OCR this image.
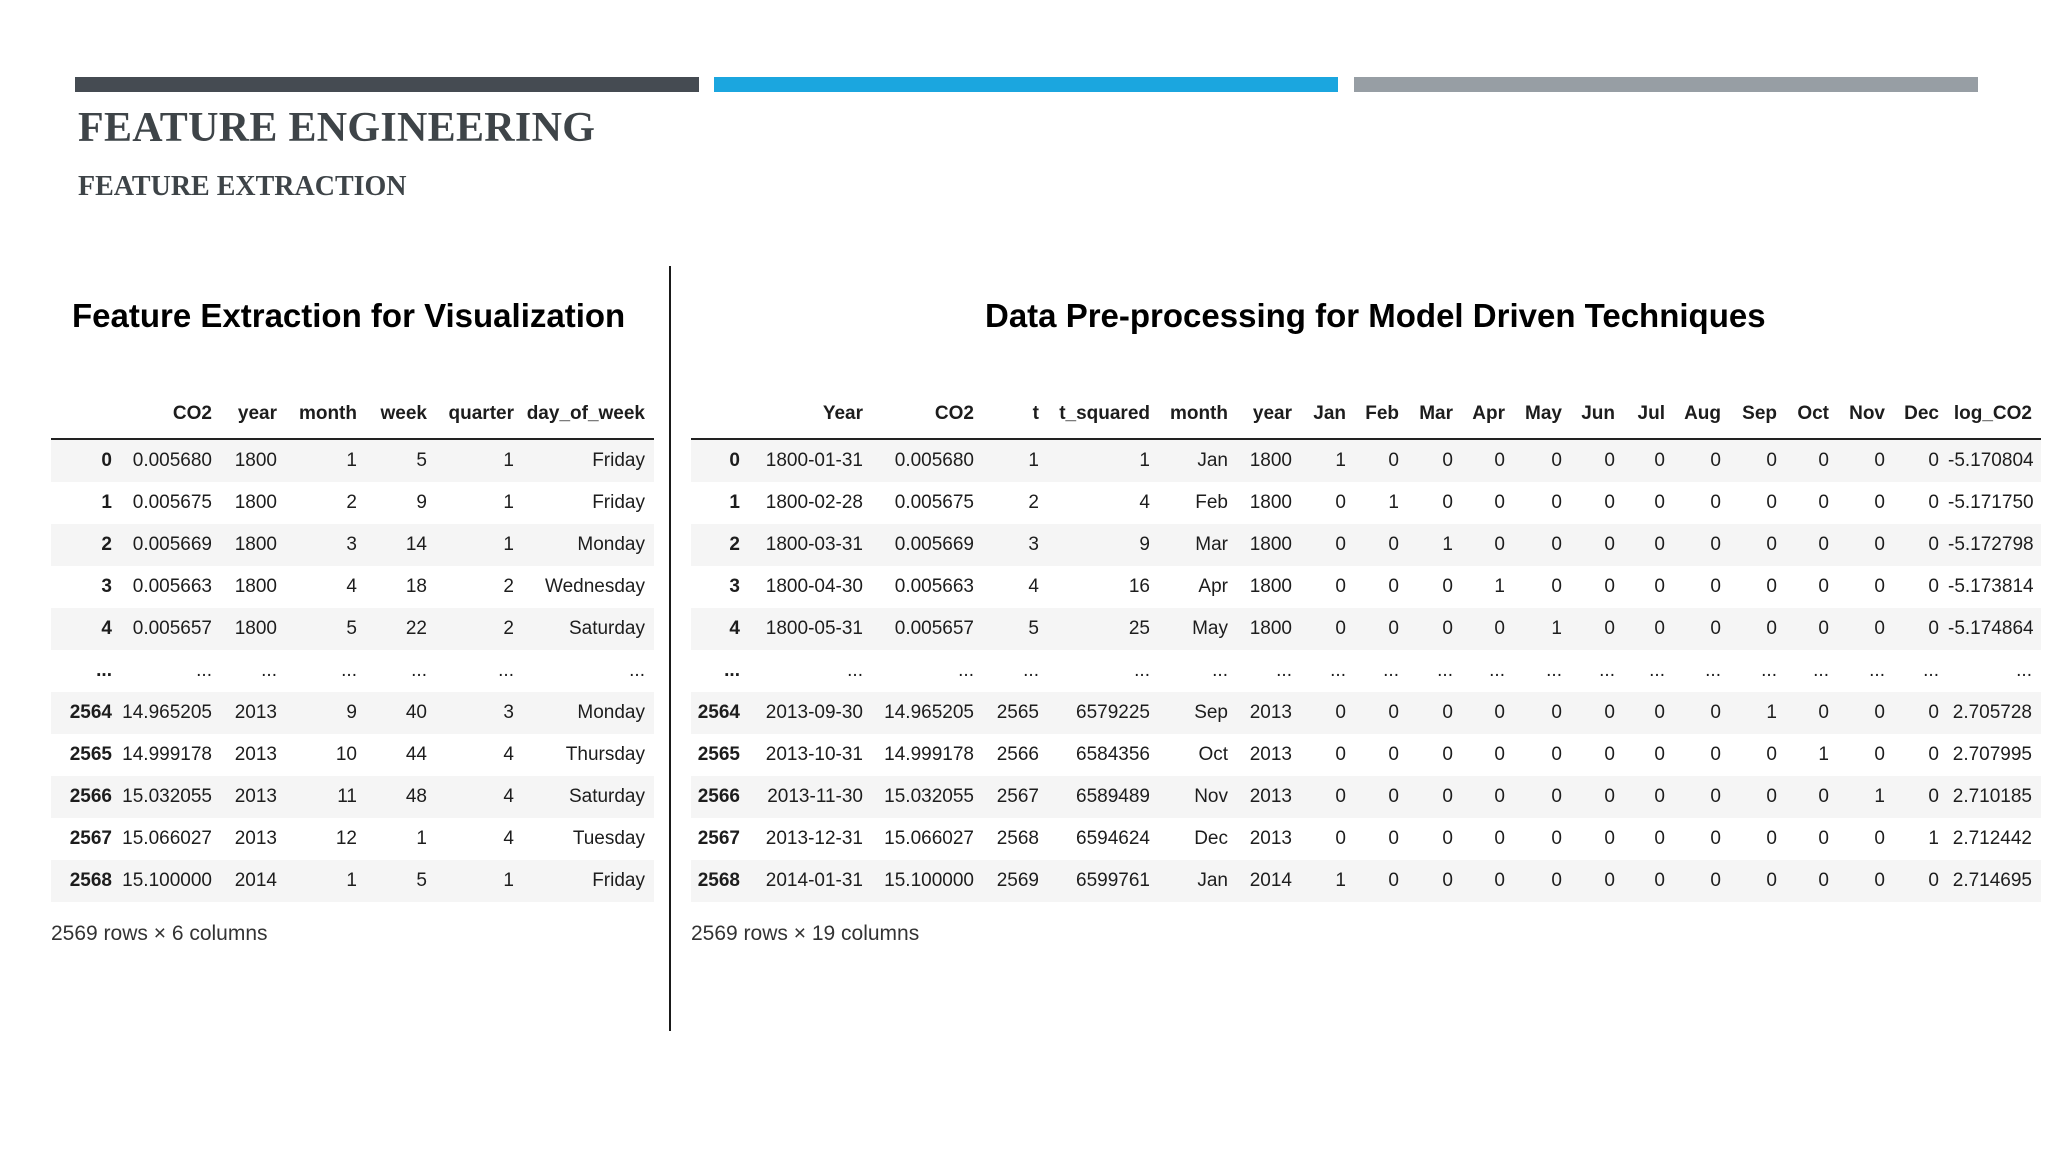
FEATURE ENGINEERING
FEATURE EXTRACTION
Feature Extraction for Visualization	Data Pre-processing for Model Driven Techniques
	CO2	year	month	week	quarter	day_of_week
0	0.005680	1800	1	5	1	Friday
1	0.005675	1800	2	9	1	Friday
2	0.005669	1800	3	14	1	Monday
3	0.005663	1800	4	18	2	Wednesday
4	0.005657	1800	5	22	2	Saturday
...	...	...	...	...	...	...
2564	14.965205	2013	9	40	3	Monday
2565	14.999178	2013	10	44	4	Thursday
2566	15.032055	2013	11	48	4	Saturday
2567	15.066027	2013	12	1	4	Tuesday
2568	15.100000	2014	1	5	1	Friday
	Year	CO2	t	t_squared	month	year	Jan	Feb	Mar	Apr	May	Jun	Jul	Aug	Sep	Oct	Nov	Dec	log_CO2
0	1800-01-31	0.005680	1	1	Jan	1800	1	0	0	0	0	0	0	0	0	0	0	0	-5.170804
1	1800-02-28	0.005675	2	4	Feb	1800	0	1	0	0	0	0	0	0	0	0	0	0	-5.171750
2	1800-03-31	0.005669	3	9	Mar	1800	0	0	1	0	0	0	0	0	0	0	0	0	-5.172798
3	1800-04-30	0.005663	4	16	Apr	1800	0	0	0	1	0	0	0	0	0	0	0	0	-5.173814
4	1800-05-31	0.005657	5	25	May	1800	0	0	0	0	1	0	0	0	0	0	0	0	-5.174864
...	...	...	...	...	...	...	...	...	...	...	...	...	...	...	...	...	...	...	...
2564	2013-09-30	14.965205	2565	6579225	Sep	2013	0	0	0	0	0	0	0	0	1	0	0	0	2.705728
2565	2013-10-31	14.999178	2566	6584356	Oct	2013	0	0	0	0	0	0	0	0	0	1	0	0	2.707995
2566	2013-11-30	15.032055	2567	6589489	Nov	2013	0	0	0	0	0	0	0	0	0	0	1	0	2.710185
2567	2013-12-31	15.066027	2568	6594624	Dec	2013	0	0	0	0	0	0	0	0	0	0	0	1	2.712442
2568	2014-01-31	15.100000	2569	6599761	Jan	2014	1	0	0	0	0	0	0	0	0	0	0	0	2.714695
2569 rows × 6 columns	2569 rows × 19 columns
